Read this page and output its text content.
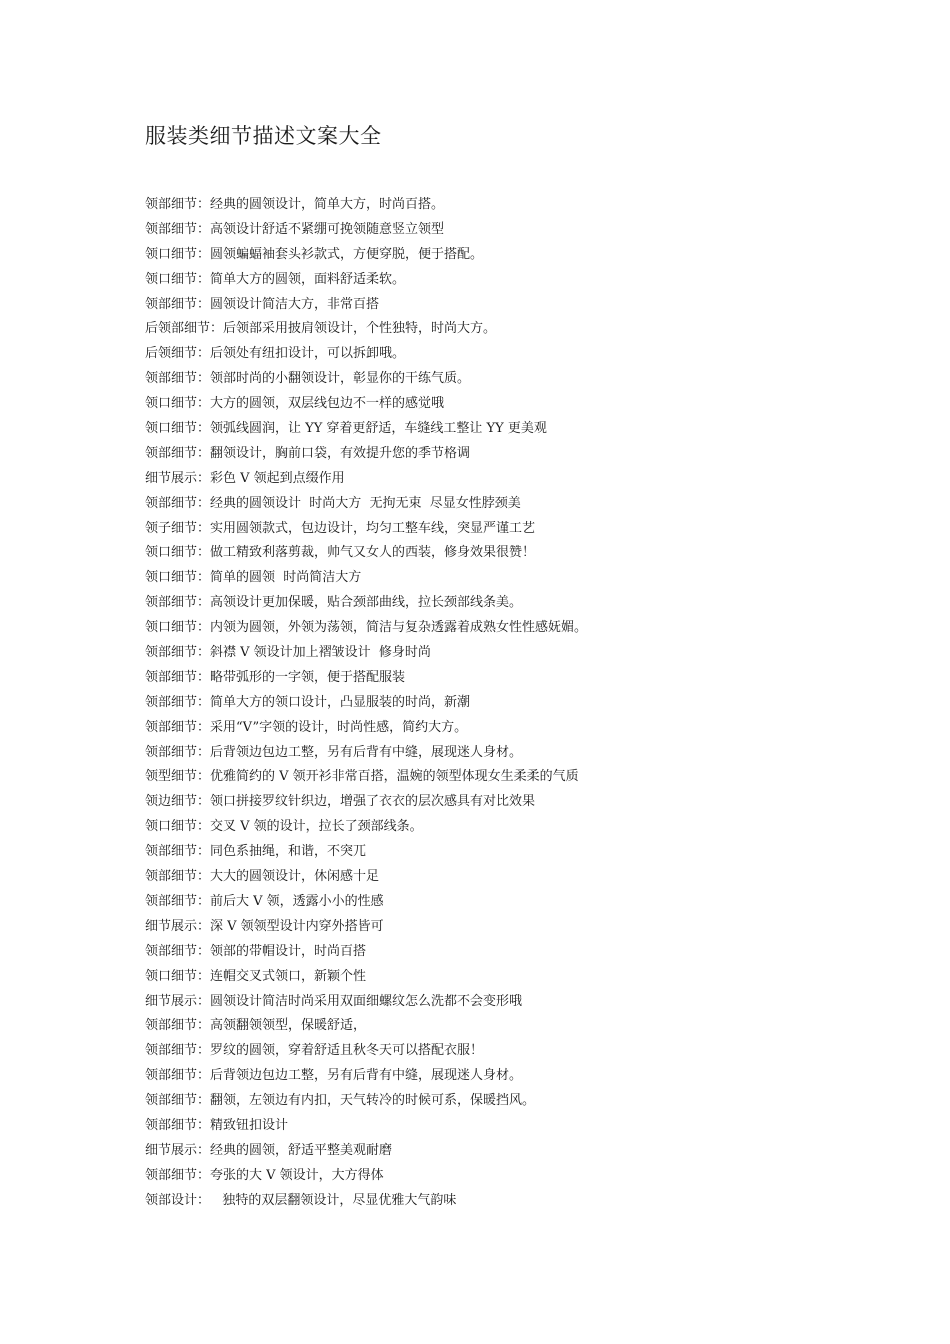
服装类细节描述文案大全
领部细节：经典的圆领设计，简单大方，时尚百搭。
领部细节：高领设计舒适不紧绷可挽领随意竖立领型
领口细节：圆领蝙蝠袖套头衫款式，方便穿脱，便于搭配。
领口细节：简单大方的圆领，面料舒适柔软。
领部细节：圆领设计简洁大方，非常百搭
后领部细节：后领部采用披肩领设计，个性独特，时尚大方。
后领细节：后领处有纽扣设计，可以拆卸哦。
领部细节：领部时尚的小翻领设计，彰显你的干练气质。
领口细节：大方的圆领，双层线包边不一样的感觉哦
领口细节：领弧线圆润，让 YY 穿着更舒适，车缝线工整让 YY 更美观
领部细节：翻领设计，胸前口袋，有效提升您的季节格调
细节展示：彩色 V 领起到点缀作用
领部细节：经典的圆领设计  时尚大方  无拘无束  尽显女性脖颈美
领子细节：实用圆领款式，包边设计，均匀工整车线，突显严谨工艺
领口细节：做工精致利落剪裁，帅气又女人的西装，修身效果很赞！
领口细节：简单的圆领  时尚简洁大方
领部细节：高领设计更加保暖，贴合颈部曲线，拉长颈部线条美。
领口细节：内领为圆领，外领为荡领，简洁与复杂透露着成熟女性性感妩媚。
领部细节：斜襟 V 领设计加上褶皱设计  修身时尚
领部细节：略带弧形的一字领，便于搭配服装
领部细节：简单大方的领口设计，凸显服装的时尚，新潮
领部细节：采用“V”字领的设计，时尚性感，简约大方。
领部细节：后背领边包边工整，另有后背有中缝，展现迷人身材。
领型细节：优雅简约的 V 领开衫非常百搭，温婉的领型体现女生柔柔的气质
领边细节：领口拼接罗纹针织边，增强了衣衣的层次感具有对比效果
领口细节：交叉 V 领的设计，拉长了颈部线条。
领部细节：同色系抽绳，和谐，不突兀
领部细节：大大的圆领设计，休闲感十足
领部细节：前后大 V 领，透露小小的性感
细节展示：深 V 领领型设计内穿外搭皆可
领部细节：领部的带帽设计，时尚百搭
领口细节：连帽交叉式领口，新颖个性
细节展示：圆领设计简洁时尚采用双面细螺纹怎么洗都不会变形哦
领部细节：高领翻领领型，保暖舒适，
领部细节：罗纹的圆领，穿着舒适且秋冬天可以搭配衣服！
领部细节：后背领边包边工整，另有后背有中缝，展现迷人身材。
领部细节：翻领，左领边有内扣，天气转冷的时候可系，保暖挡风。
领部细节：精致钮扣设计
细节展示：经典的圆领，舒适平整美观耐磨
领部细节：夸张的大 V 领设计，大方得体
领部设计：   独特的双层翻领设计，尽显优雅大气韵味
